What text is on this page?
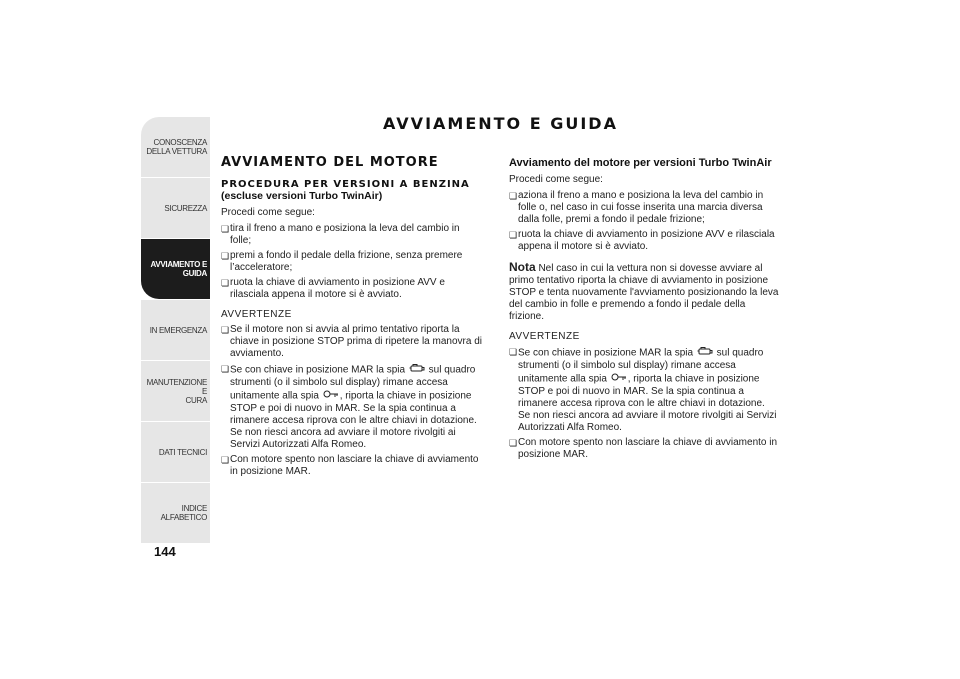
CONOSCENZA
DELLA VETTURA
SICUREZZA
AVVIAMENTO E
GUIDA
IN EMERGENZA
MANUTENZIONE E
CURA
DATI TECNICI
INDICE ALFABETICO
144
AVVIAMENTO E GUIDA
AVVIAMENTO DEL MOTORE
PROCEDURA PER VERSIONI A BENZINA
(escluse versioni Turbo TwinAir)

Procedi come segue:

❏ tira il freno a mano e posiziona la leva del cambio in folle;
❏ premi a fondo il pedale della frizione, senza premere l’acceleratore;
❏ ruota la chiave di avviamento in posizione AVV e rilasciala appena il motore si è avviato.
AVVERTENZE
❏ Se il motore non si avvia al primo tentativo riporta la chiave in posizione STOP prima di ripetere la manovra di avviamento.
❏ Se con chiave in posizione MAR la spia sul quadro strumenti (o il simbolo sul display) rimane accesa unitamente alla spia , riporta la chiave in posizione STOP e poi di nuovo in MAR. Se la spia continua a rimanere accesa riprova con le altre chiavi in dotazione. Se non riesci ancora ad avviare il motore rivolgiti ai Servizi Autorizzati Alfa Romeo.
❏ Con motore spento non lasciare la chiave di avviamento in posizione MAR.
Avviamento del motore per versioni Turbo TwinAir

Procedi come segue:

❏ aziona il freno a mano e posiziona la leva del cambio in folle o, nel caso in cui fosse inserita una marcia diversa dalla folle, premi a fondo il pedale frizione;
❏ ruota la chiave di avviamento in posizione AVV e rilasciala appena il motore si è avviato.

Nota Nel caso in cui la vettura non si dovesse avviare al primo tentativo riporta la chiave di avviamento in posizione STOP e tenta nuovamente l'avviamento posizionando la leva del cambio in folle e premendo a fondo il pedale della frizione.

AVVERTENZE
❏ Se con chiave in posizione MAR la spia sul quadro strumenti (o il simbolo sul display) rimane accesa unitamente alla spia , riporta la chiave in posizione STOP e poi di nuovo in MAR. Se la spia continua a rimanere accesa riprova con le altre chiavi in dotazione. Se non riesci ancora ad avviare il motore rivolgiti ai Servizi Autorizzati Alfa Romeo.
❏ Con motore spento non lasciare la chiave di avviamento in posizione MAR.
